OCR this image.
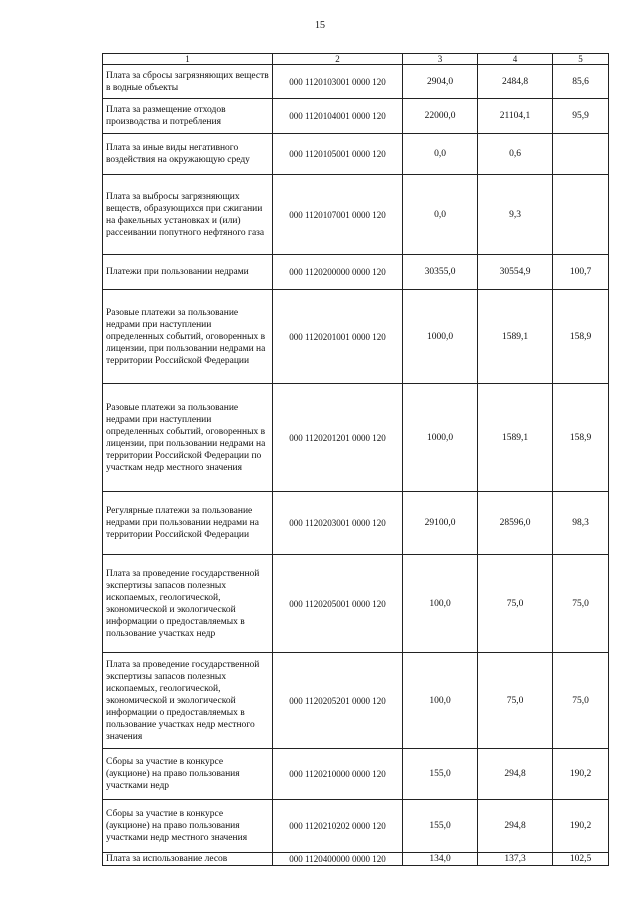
15
1	2	3	4	5
Плата за сбросы загрязняющих веществ в водные объекты	000 1120103001 0000 120	2904,0	2484,8	85,6
Плата за размещение отходов производства и потребления	000 1120104001 0000 120	22000,0	21104,1	95,9
Плата за иные виды негативного воздействия на окружающую среду	000 1120105001 0000 120	0,0	0,6	
Плата за выбросы загрязняющих веществ, образующихся при сжигании на факельных установках и (или) рассеивании попутного нефтяного газа	000 1120107001 0000 120	0,0	9,3	
Платежи при пользовании недрами	000 1120200000 0000 120	30355,0	30554,9	100,7
Разовые платежи за пользование недрами при наступлении определенных событий, оговоренных в лицензии, при пользовании недрами на территории Российской Федерации	000 1120201001 0000 120	1000,0	1589,1	158,9
Разовые платежи за пользование недрами при наступлении определенных событий, оговоренных в лицензии, при пользовании недрами на территории Российской Федерации по участкам недр местного значения	000 1120201201 0000 120	1000,0	1589,1	158,9
Регулярные платежи за пользование недрами при пользовании недрами на территории Российской Федерации	000 1120203001 0000 120	29100,0	28596,0	98,3
Плата за проведение государственной экспертизы запасов полезных ископаемых, геологической, экономической и экологической информации о предоставляемых в пользование участках недр	000 1120205001 0000 120	100,0	75,0	75,0
Плата за проведение государственной экспертизы запасов полезных ископаемых, геологической, экономической и экологической информации о предоставляемых в пользование участках недр местного значения	000 1120205201 0000 120	100,0	75,0	75,0
Сборы за участие в конкурсе (аукционе) на право пользования участками недр	000 1120210000 0000 120	155,0	294,8	190,2
Сборы за участие в конкурсе (аукционе) на право пользования участками недр местного значения	000 1120210202 0000 120	155,0	294,8	190,2
Плата за использование лесов	000 1120400000 0000 120	134,0	137,3	102,5
